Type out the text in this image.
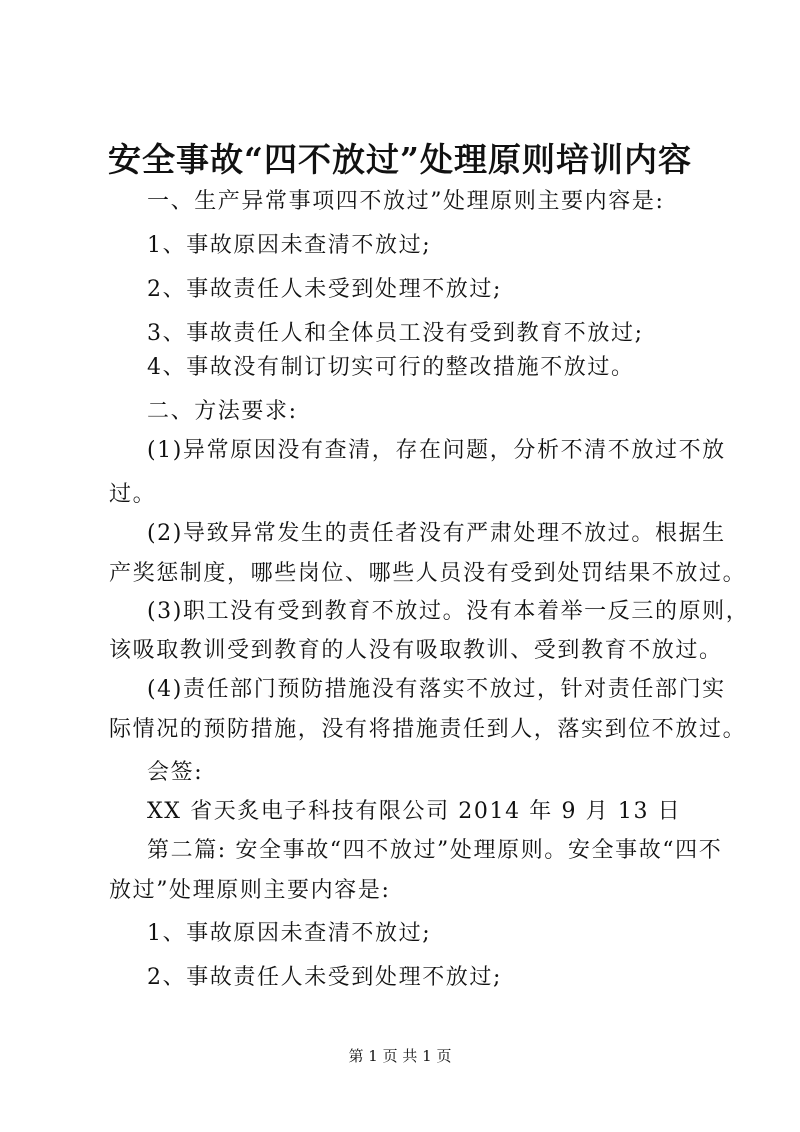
安全事故“四不放过”处理原则培训内容
一、生产异常事项四不放过”处理原则主要内容是:
1、事故原因未查清不放过;
2、事故责任人未受到处理不放过;
3、事故责任人和全体员工没有受到教育不放过;
4、事故没有制订切实可行的整改措施不放过。
二、方法要求:
(1)异常原因没有查清，存在问题，分析不清不放过不放
过。
(2)导致异常发生的责任者没有严肃处理不放过。根据生
产奖惩制度，哪些岗位、哪些人员没有受到处罚结果不放过。
(3)职工没有受到教育不放过。没有本着举一反三的原则，
该吸取教训受到教育的人没有吸取教训、受到教育不放过。
(4)责任部门预防措施没有落实不放过，针对责任部门实
际情况的预防措施，没有将措施责任到人，落实到位不放过。
会签:
XX 省天炙电子科技有限公司 2014 年 9 月 13 日
第二篇: 安全事故“四不放过”处理原则。安全事故“四不
放过”处理原则主要内容是:
1、事故原因未查清不放过;
2、事故责任人未受到处理不放过;
第 1 页 共 1 页
